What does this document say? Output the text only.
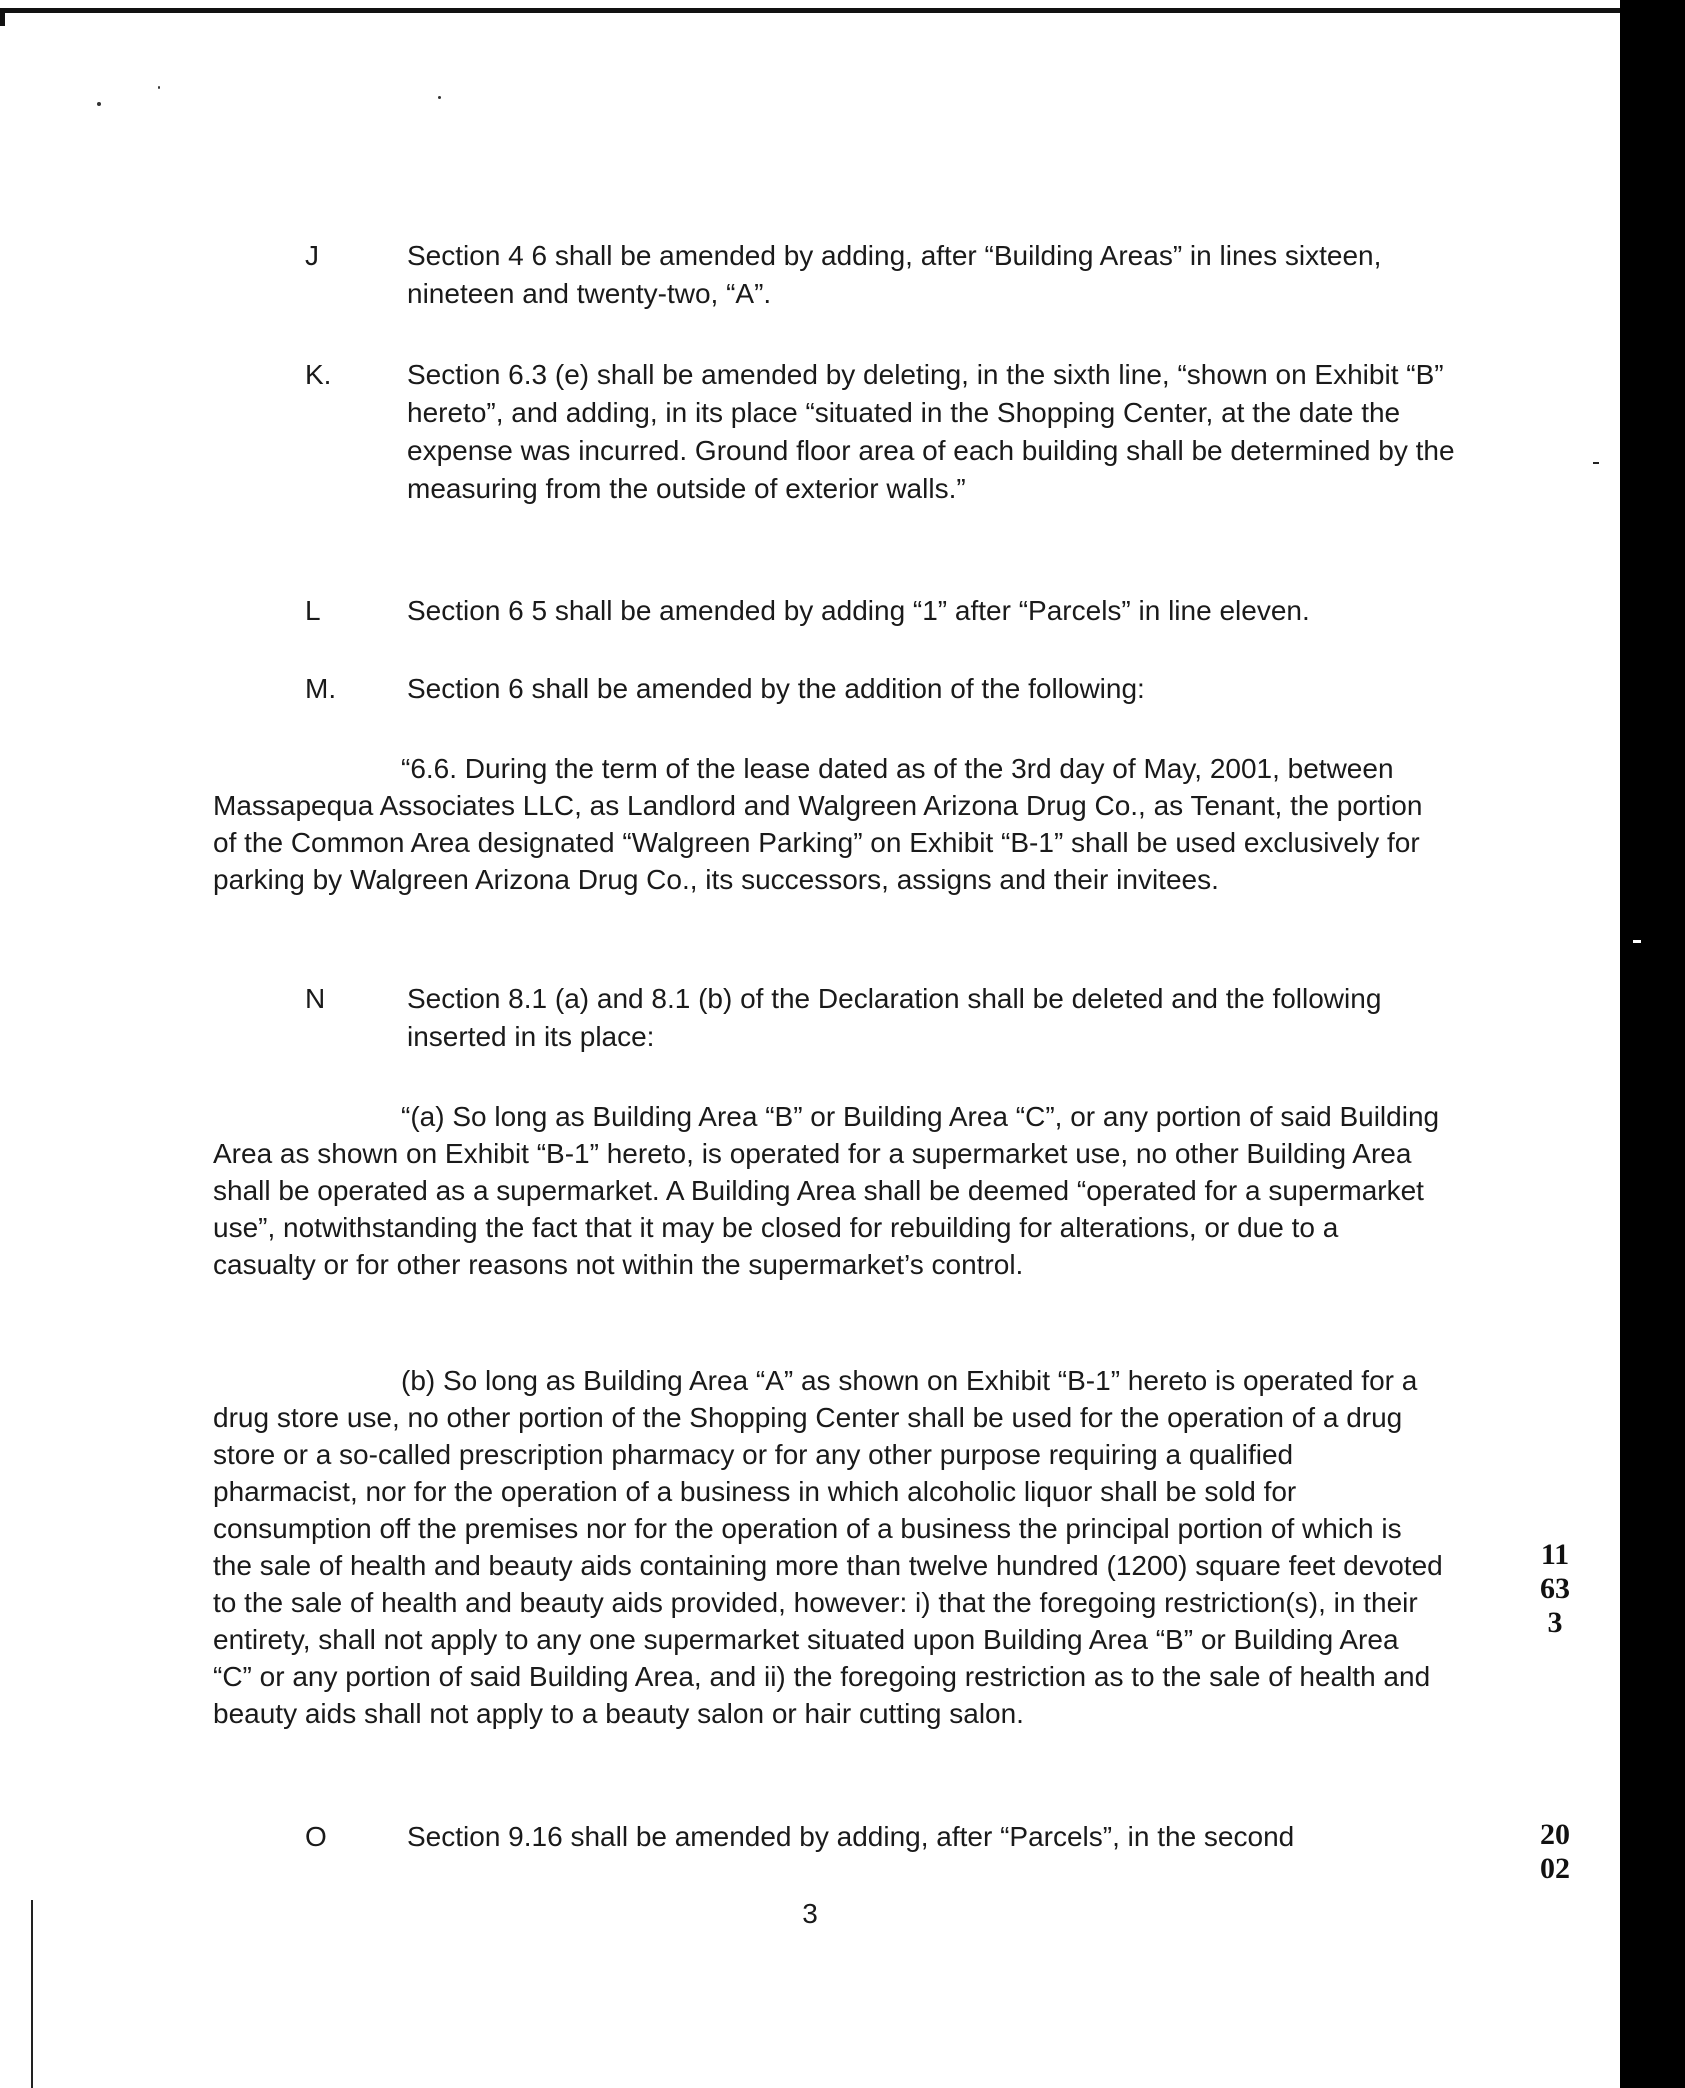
J	Section 4 6 shall be amended by adding, after “Building Areas” in lines sixteen, nineteen and twenty-two, “A”.
K.	Section 6.3 (e) shall be amended by deleting, in the sixth line, “shown on Exhibit “B” hereto”, and adding, in its place “situated in the Shopping Center, at the date the expense was incurred. Ground floor area of each building shall be determined by the measuring from the outside of exterior walls.”
L	Section 6 5 shall be amended by adding “1” after “Parcels” in line eleven.
M.	Section 6 shall be amended by the addition of the following:
“6.6. During the term of the lease dated as of the 3rd day of May, 2001, between Massapequa Associates LLC, as Landlord and Walgreen Arizona Drug Co., as Tenant, the portion of the Common Area designated “Walgreen Parking” on Exhibit “B-1” shall be used exclusively for parking by Walgreen Arizona Drug Co., its successors, assigns and their invitees.
N	Section 8.1 (a) and 8.1 (b) of the Declaration shall be deleted and the following inserted in its place:
“(a) So long as Building Area “B” or Building Area “C”, or any portion of said Building Area as shown on Exhibit “B-1” hereto, is operated for a supermarket use, no other Building Area shall be operated as a supermarket. A Building Area shall be deemed “operated for a supermarket use”, notwithstanding the fact that it may be closed for rebuilding for alterations, or due to a casualty or for other reasons not within the supermarket’s control.
(b) So long as Building Area “A” as shown on Exhibit “B-1” hereto is operated for a drug store use, no other portion of the Shopping Center shall be used for the operation of a drug store or a so-called prescription pharmacy or for any other purpose requiring a qualified pharmacist, nor for the operation of a business in which alcoholic liquor shall be sold for consumption off the premises nor for the operation of a business the principal portion of which is the sale of health and beauty aids containing more than twelve hundred (1200) square feet devoted to the sale of health and beauty aids provided, however: i) that the foregoing restriction(s), in their entirety, shall not apply to any one supermarket situated upon Building Area “B” or Building Area “C” or any portion of said Building Area, and ii) the foregoing restriction as to the sale of health and beauty aids shall not apply to a beauty salon or hair cutting salon.
O	Section 9.16 shall be amended by adding, after “Parcels”, in the second
3
11633
2002
